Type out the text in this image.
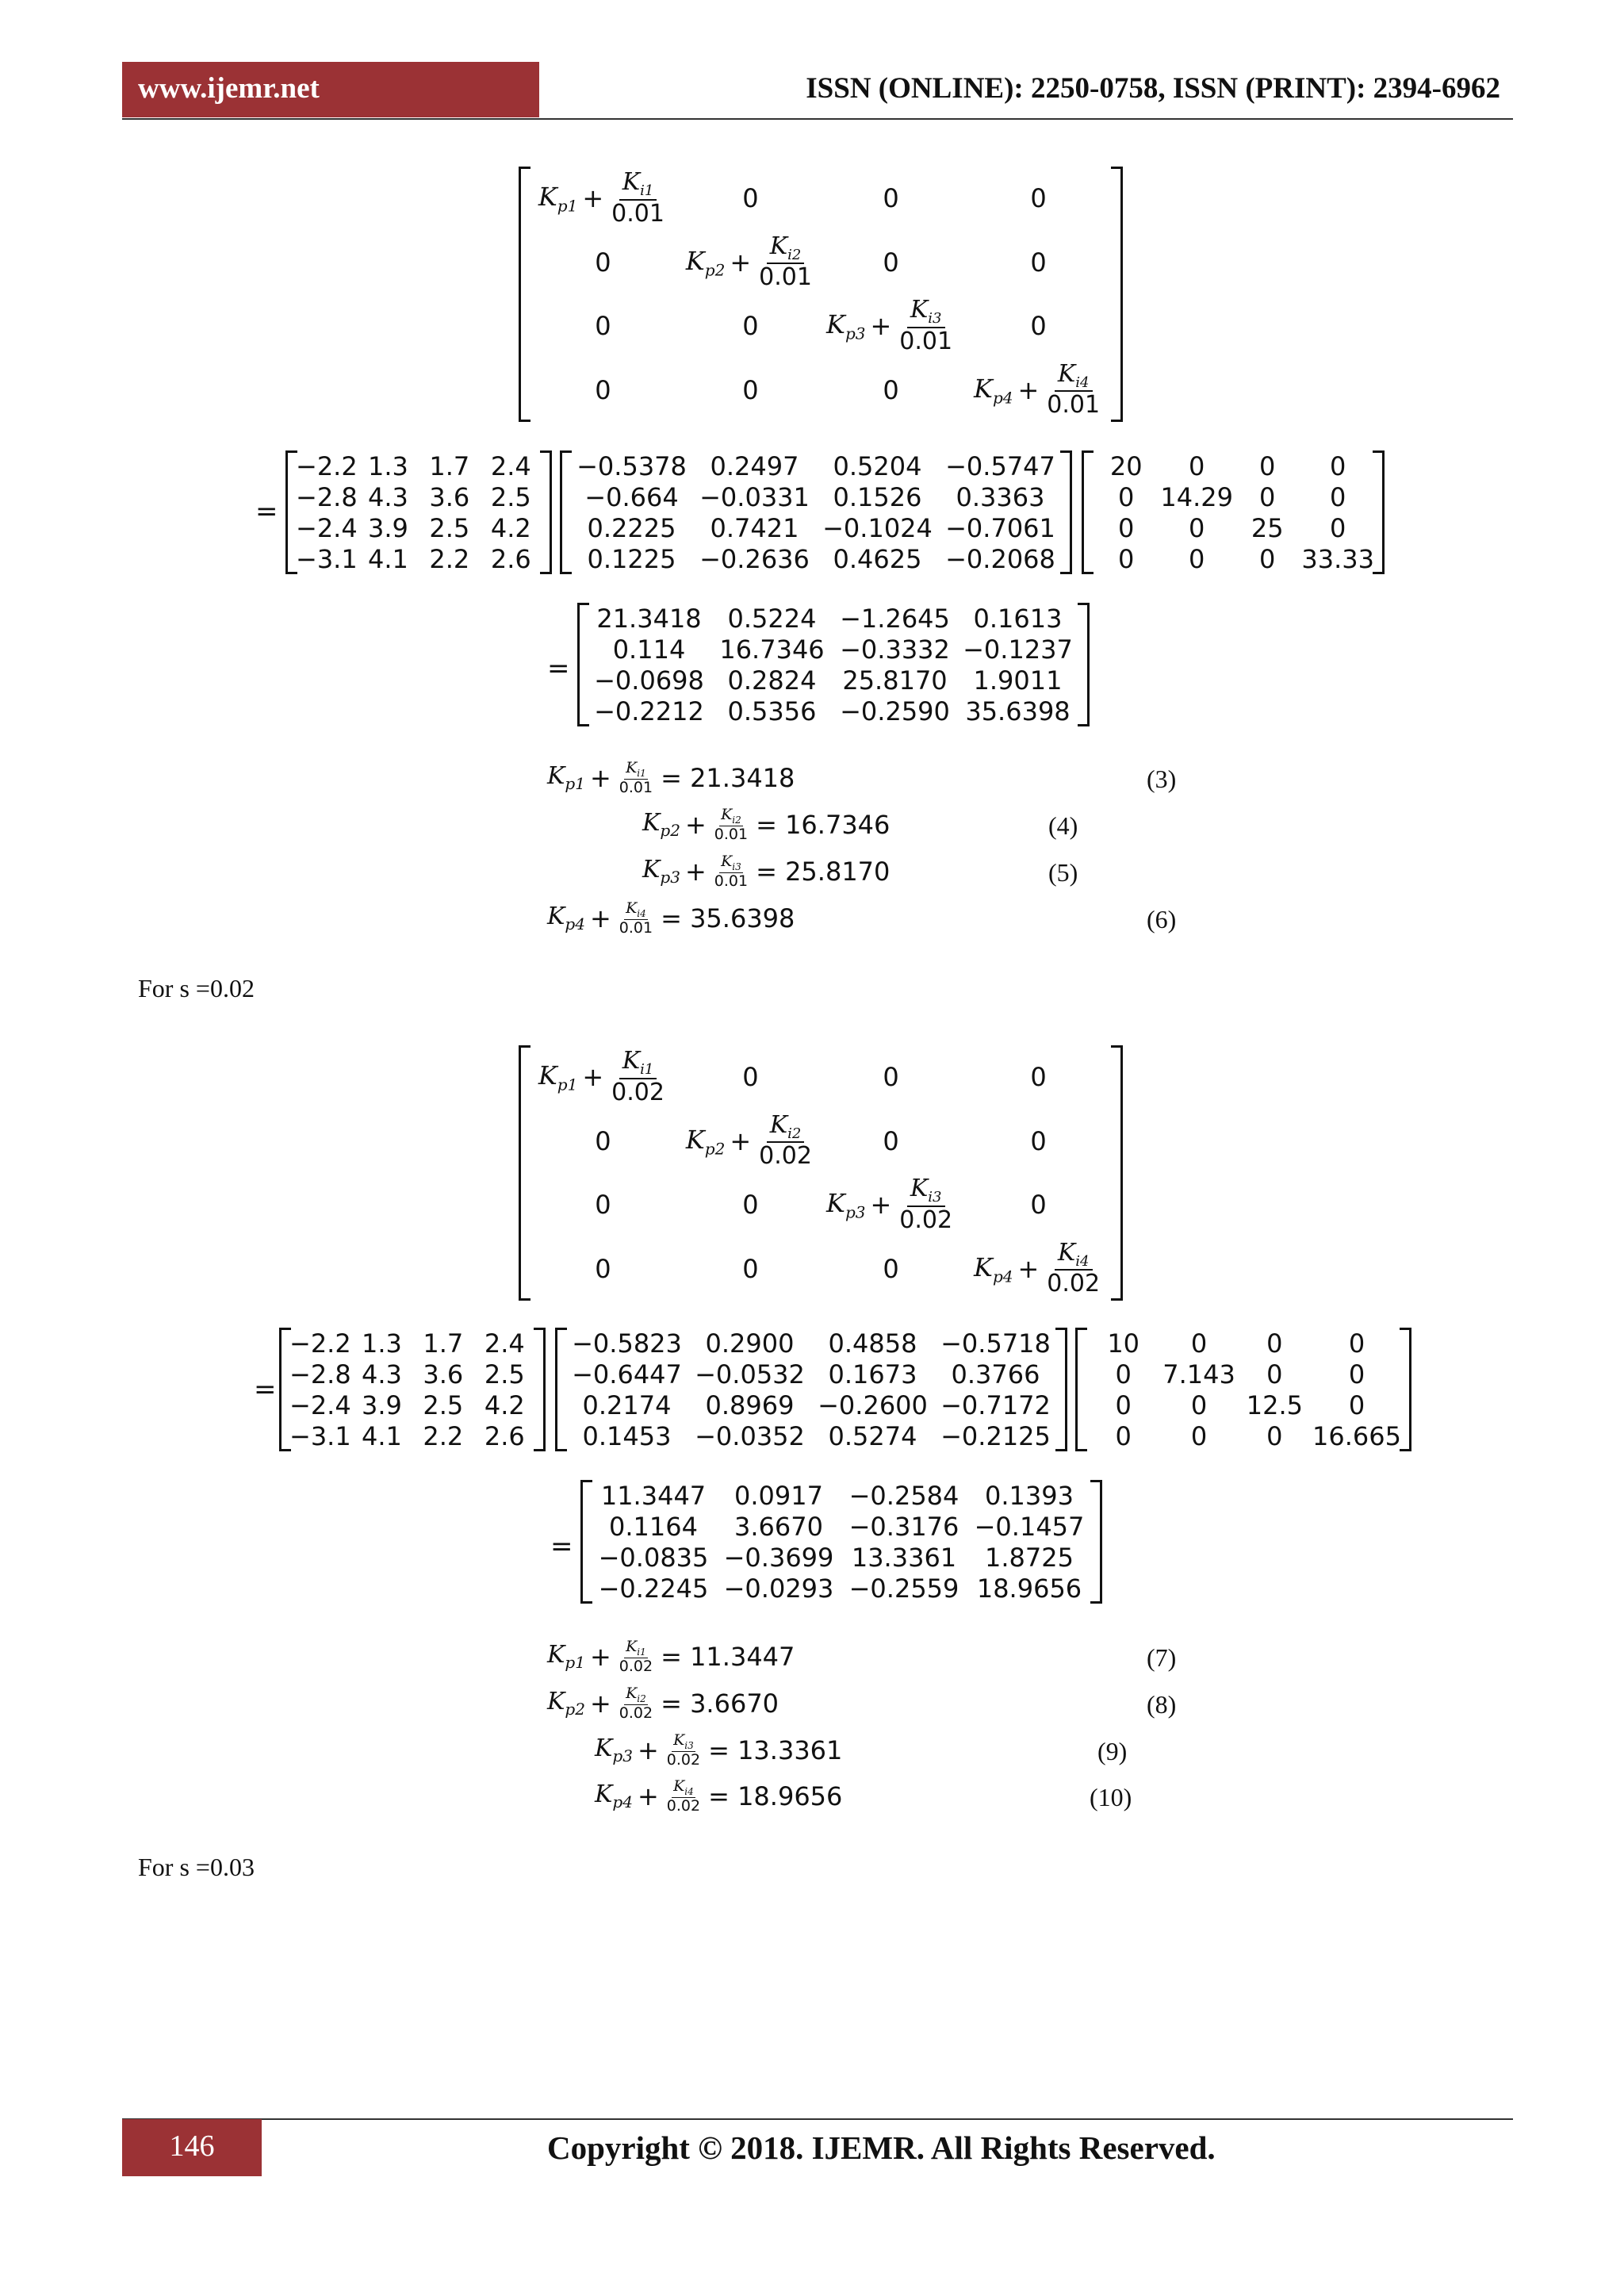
www.ijemr.net	ISSN (ONLINE): 2250-0758, ISSN (PRINT): 2394-6962
$K_{p1} + \frac{K_{i1}}{0.01}$	0	0	0
0	$K_{p2} + \frac{K_{i2}}{0.01}$	0	0
0	0	$K_{p3} + \frac{K_{i3}}{0.01}$	0
0	0	0	$K_{p4} + \frac{K_{i4}}{0.01}$
−2.2 1.3 1.7 2.4
−2.8 4.3 3.6 2.5
−2.4 3.9 2.5 4.2
−3.1 4.1 2.2 2.6
=
−0.5378 0.2497	0.5204 −0.5747
−0.664 −0.0331 0.1526	0.3363
0.2225	0.7421 −0.1024 −0.7061
0.1225 −0.2636 0.4625 −0.2068
20	0	0	0
0	14.29	0	0
0	0	25	0
0	0	0	33.33
=
21.3418	0.5224 −1.2645 0.1613
0.114	16.7346 −0.3332 −0.1237
−0.0698 0.2824	25.8170	1.9011
−0.2212 0.5356 −0.2590 35.6398
$K_{p1} + \frac{K_{i1}}{0.01} = 21.3418$	(3)
$K_{p2} + \frac{K_{i2}}{0.01} = 16.7346$	(4)
$K_{p3} + \frac{K_{i3}}{0.01} = 25.8170$	(5)
$K_{p4} + \frac{K_{i4}}{0.01} = 35.6398$	(6)
For s =0.02
$K_{p1} + \frac{K_{i1}}{0.02}$	0	0	0
0	$K_{p2} + \frac{K_{i2}}{0.02}$	0	0
0	0	$K_{p3} + \frac{K_{i3}}{0.02}$	0
0	0	0	$K_{p4} + \frac{K_{i4}}{0.02}$
−2.2 1.3 1.7 2.4
−2.8 4.3 3.6 2.5
−2.4 3.9 2.5 4.2
−3.1 4.1 2.2 2.6
=
−0.5823 0.2900	0.4858 −0.5718
−0.6447 −0.0532 0.1673	0.3766
0.2174	0.8969 −0.2600 −0.7172
0.1453 −0.0352 0.5274 −0.2125
10	0	0	0
0	7.143	0	0
0	0	12.5	0
0	0	0	16.665
=
11.3447	0.0917	−0.2584	0.1393
0.1164	3.6670	−0.3176 −0.1457
−0.0835 −0.3699 13.3361	1.8725
−0.2245 −0.0293 −0.2559 18.9656
$K_{p1} + \frac{K_{i1}}{0.02} = 11.3447$	(7)
$K_{p2} + \frac{K_{i2}}{0.02} = 3.6670$	(8)
$K_{p3} + \frac{K_{i3}}{0.02} = 13.3361$	(9)
$K_{p4} + \frac{K_{i4}}{0.02} = 18.9656$	(10)
For s =0.03
146	Copyright © 2018. IJEMR. All Rights Reserved.
